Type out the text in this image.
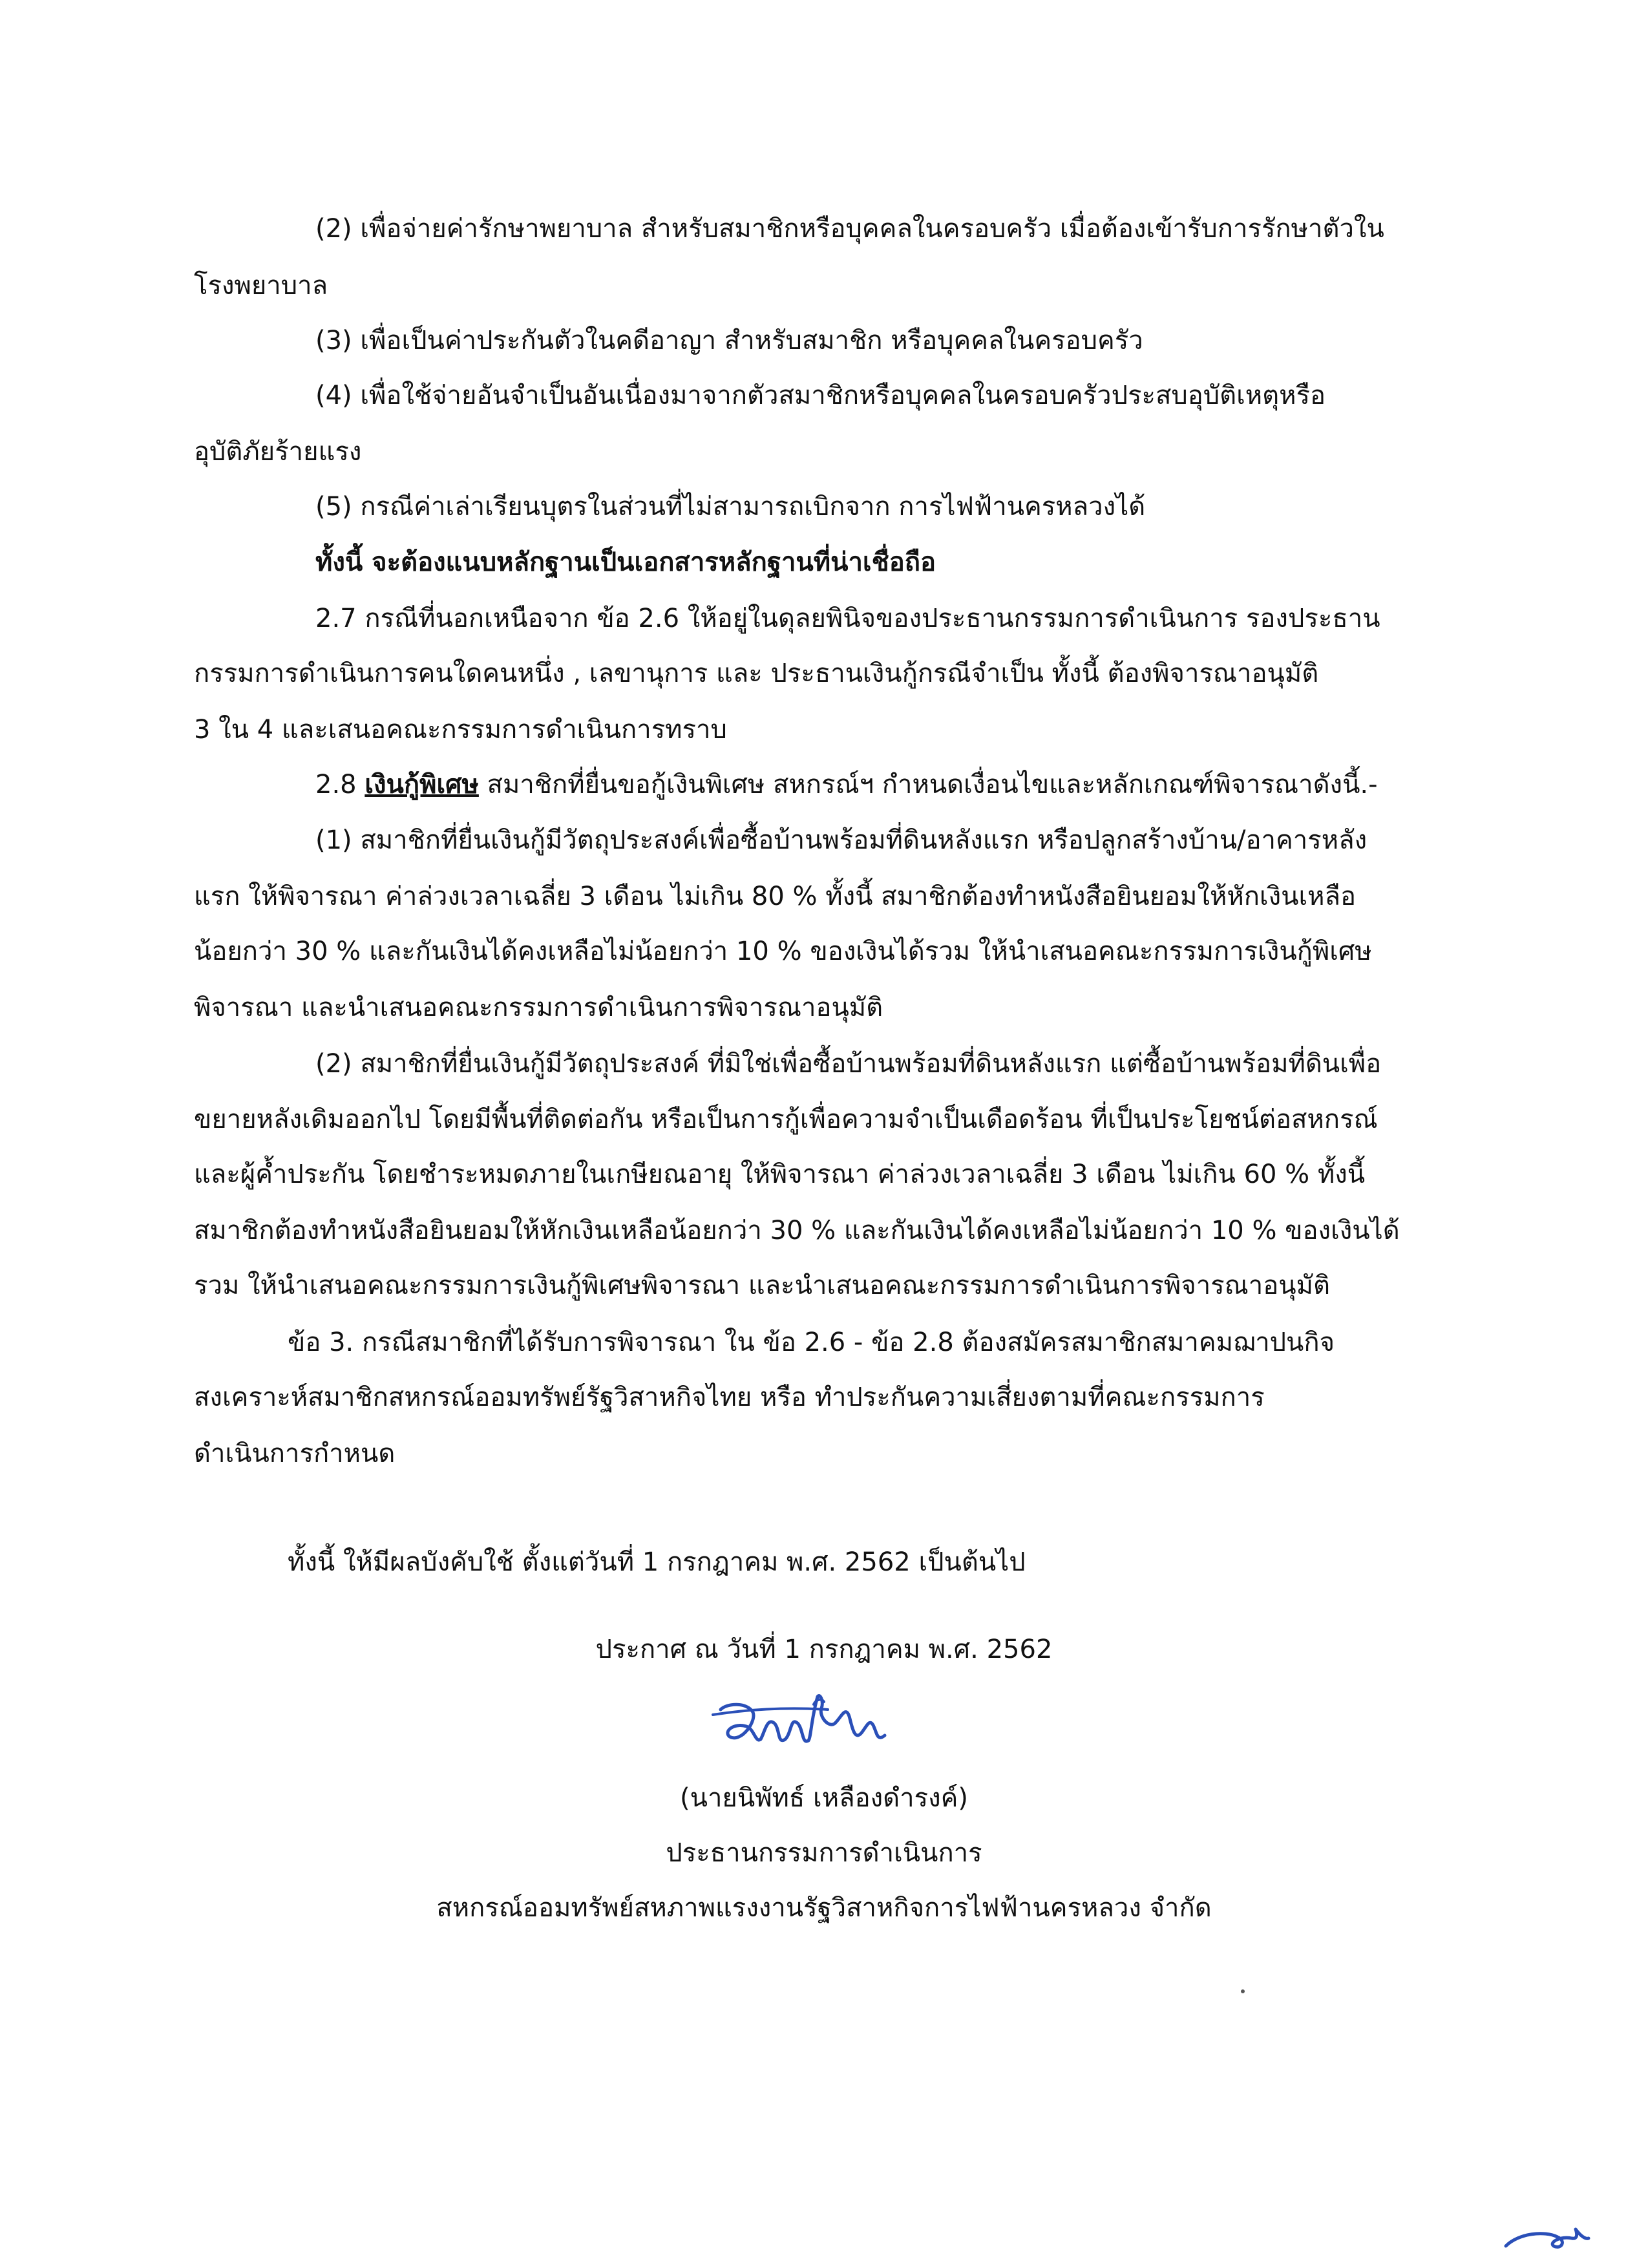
(2) เพื่อจ่ายค่ารักษาพยาบาล สำหรับสมาชิกหรือบุคคลในครอบครัว เมื่อต้องเข้ารับการรักษาตัวใน

โรงพยาบาล

(3) เพื่อเป็นค่าประกันตัวในคดีอาญา สำหรับสมาชิก หรือบุคคลในครอบครัว

(4) เพื่อใช้จ่ายอันจำเป็นอันเนื่องมาจากตัวสมาชิกหรือบุคคลในครอบครัวประสบอุบัติเหตุหรือ

อุบัติภัยร้ายแรง

(5) กรณีค่าเล่าเรียนบุตรในส่วนที่ไม่สามารถเบิกจาก การไฟฟ้านครหลวงได้

ทั้งนี้ จะต้องแนบหลักฐานเป็นเอกสารหลักฐานที่น่าเชื่อถือ

2.7 กรณีที่นอกเหนือจาก ข้อ 2.6 ให้อยู่ในดุลยพินิจของประธานกรรมการดำเนินการ รองประธาน

กรรมการดำเนินการคนใดคนหนึ่ง , เลขานุการ และ ประธานเงินกู้กรณีจำเป็น ทั้งนี้ ต้องพิจารณาอนุมัติ

3 ใน 4 และเสนอคณะกรรมการดำเนินการทราบ

2.8 เงินกู้พิเศษ สมาชิกที่ยื่นขอกู้เงินพิเศษ สหกรณ์ฯ กำหนดเงื่อนไขและหลักเกณฑ์พิจารณาดังนี้.-

(1) สมาชิกที่ยื่นเงินกู้มีวัตถุประสงค์เพื่อซื้อบ้านพร้อมที่ดินหลังแรก หรือปลูกสร้างบ้าน/อาคารหลัง

แรก ให้พิจารณา ค่าล่วงเวลาเฉลี่ย 3 เดือน ไม่เกิน 80 % ทั้งนี้ สมาชิกต้องทำหนังสือยินยอมให้หักเงินเหลือ

น้อยกว่า 30 % และกันเงินได้คงเหลือไม่น้อยกว่า 10 % ของเงินได้รวม ให้นำเสนอคณะกรรมการเงินกู้พิเศษ

พิจารณา และนำเสนอคณะกรรมการดำเนินการพิจารณาอนุมัติ

(2) สมาชิกที่ยื่นเงินกู้มีวัตถุประสงค์ ที่มิใช่เพื่อซื้อบ้านพร้อมที่ดินหลังแรก แต่ซื้อบ้านพร้อมที่ดินเพื่อ

ขยายหลังเดิมออกไป โดยมีพื้นที่ติดต่อกัน หรือเป็นการกู้เพื่อความจำเป็นเดือดร้อน ที่เป็นประโยชน์ต่อสหกรณ์

และผู้ค้ำประกัน โดยชำระหมดภายในเกษียณอายุ ให้พิจารณา ค่าล่วงเวลาเฉลี่ย 3 เดือน ไม่เกิน 60 % ทั้งนี้

สมาชิกต้องทำหนังสือยินยอมให้หักเงินเหลือน้อยกว่า 30 % และกันเงินได้คงเหลือไม่น้อยกว่า 10 % ของเงินได้

รวม ให้นำเสนอคณะกรรมการเงินกู้พิเศษพิจารณา และนำเสนอคณะกรรมการดำเนินการพิจารณาอนุมัติ

ข้อ 3. กรณีสมาชิกที่ได้รับการพิจารณา ใน ข้อ 2.6 - ข้อ 2.8 ต้องสมัครสมาชิกสมาคมฌาปนกิจ

สงเคราะห์สมาชิกสหกรณ์ออมทรัพย์รัฐวิสาหกิจไทย หรือ ทำประกันความเสี่ยงตามที่คณะกรรมการ

ดำเนินการกำหนด

ทั้งนี้ ให้มีผลบังคับใช้ ตั้งแต่วันที่ 1 กรกฎาคม พ.ศ. 2562 เป็นต้นไป

ประกาศ ณ วันที่ 1 กรกฎาคม พ.ศ. 2562

(นายนิพัทธ์ เหลืองดำรงค์)

ประธานกรรมการดำเนินการ

สหกรณ์ออมทรัพย์สหภาพแรงงานรัฐวิสาหกิจการไฟฟ้านครหลวง จำกัด
